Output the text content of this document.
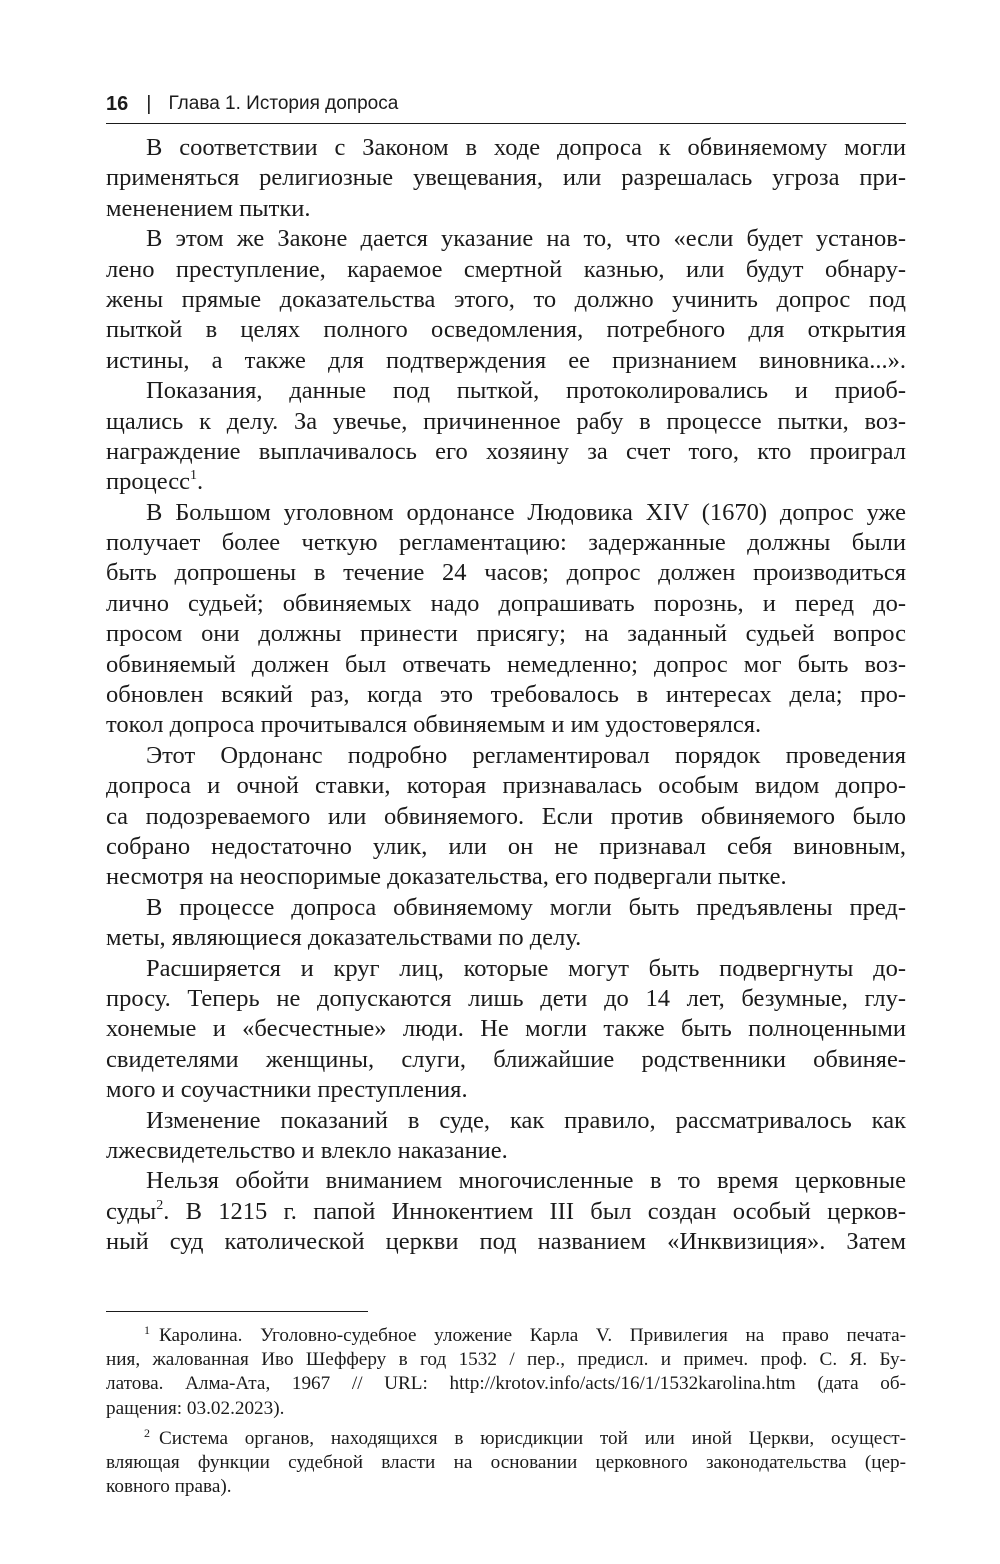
16 | Глава 1. История допроса
В соответствии с Законом в ходе допроса к обвиняемому могли
применяться религиозные увещевания, или разрешалась угроза при-
мененением пытки.
В этом же Законе дается указание на то, что «если будет установ-
лено преступление, караемое смертной казнью, или будут обнару-
жены прямые доказательства этого, то должно учинить допрос под
пыткой в целях полного осведомления, потребного для открытия
истины, а также для подтверждения ее признанием виновника...».
Показания, данные под пыткой, протоколировались и приоб-
щались к делу. За увечье, причиненное рабу в процессе пытки, воз-
награждение выплачивалось его хозяину за счет того, кто проиграл
процесс$^1$.
В Большом уголовном ордонансе Людовика XIV (1670) допрос уже
получает более четкую регламентацию: задержанные должны были
быть допрошены в течение 24 часов; допрос должен производиться
лично судьей; обвиняемых надо допрашивать порознь, и перед до-
просом они должны принести присягу; на заданный судьей вопрос
обвиняемый должен был отвечать немедленно; допрос мог быть воз-
обновлен всякий раз, когда это требовалось в интересах дела; про-
токол допроса прочитывался обвиняемым и им удостоверялся.
Этот Ордонанс подробно регламентировал порядок проведения
допроса и очной ставки, которая признавалась особым видом допро-
са подозреваемого или обвиняемого. Если против обвиняемого было
собрано недостаточно улик, или он не признавал себя виновным,
несмотря на неоспоримые доказательства, его подвергали пытке.
В процессе допроса обвиняемому могли быть предъявлены пред-
меты, являющиеся доказательствами по делу.
Расширяется и круг лиц, которые могут быть подвергнуты до-
просу. Теперь не допускаются лишь дети до 14 лет, безумные, глу-
хонемые и «бесчестные» люди. Не могли также быть полноценными
свидетелями женщины, слуги, ближайшие родственники обвиняе-
мого и соучастники преступления.
Изменение показаний в суде, как правило, рассматривалось как
лжесвидетельство и влекло наказание.
Нельзя обойти вниманием многочисленные в то время церковные
суды$^2$. В 1215 г. папой Иннокентием III был создан особый церков-
ный суд католической церкви под названием «Инквизиция». Затем
$^1$ Каролина. Уголовно-судебное уложение Карла V. Привилегия на право печата-
ния, жалованная Иво Шефферу в год 1532 / пер., предисл. и примеч. проф. С. Я. Бу-
латова. Алма-Ата, 1967 // URL: http://krotov.info/acts/16/1/1532karolina.htm (дата об-
ращения: 03.02.2023).
$^2$ Система органов, находящихся в юрисдикции той или иной Церкви, осущест-
вляющая функции судебной власти на основании церковного законодательства (цер-
ковного права).
